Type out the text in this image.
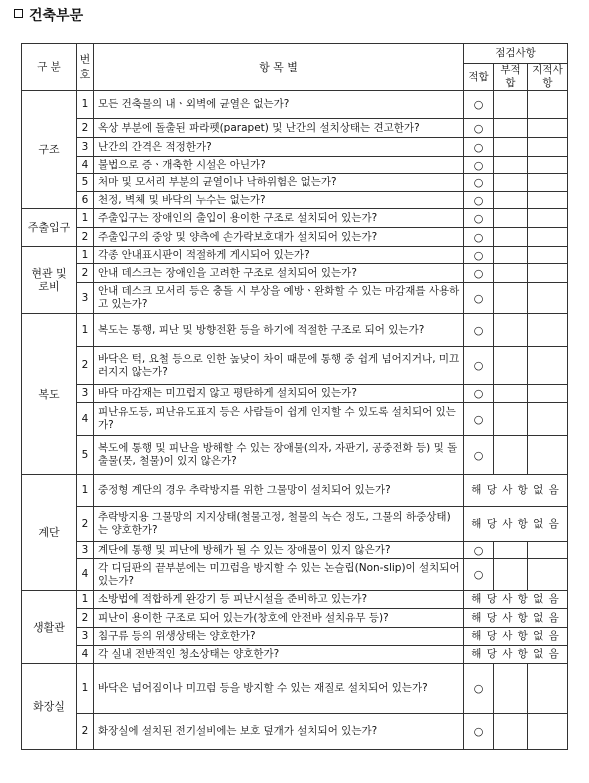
건축부문
구 분	번
호	항 목 별	점검사항		
			적합	부적합	지적사항
구조	1	모든 건축물의 내ㆍ외벽에 균열은 없는가?	○		
	2	옥상 부분에 돌출된 파라펫(parapet) 및 난간의 설치상태는 견고한가?	○		
	3	난간의 간격은 적정한가?	○		
	4	불법으로 증ㆍ개축한 시설은 아닌가?	○		
	5	처마 및 모서리 부분의 균열이나 낙하위험은 없는가?	○		
	6	천정, 벽체 및 바닥의 누수는 없는가?	○		
주출입구	1	주출입구는 장애인의 출입이 용이한 구조로 설치되어 있는가?	○		
	2	주출입구의 중앙 및 양측에 손가락보호대가 설치되어 있는가?	○		
현관 및
로비	1	각종 안내표시판이 적절하게 게시되어 있는가?	○		
	2	안내 데스크는 장애인을 고려한 구조로 설치되어 있는가?	○		
	3	안내 데스크 모서리 등은 충돌 시 부상을 예방ㆍ완화할 수 있는 마감재를 사용하고 있는가?	○		
복도	1	복도는 통행, 피난 및 방향전환 등을 하기에 적절한 구조로 되어 있는가?	○		
	2	바닥은 턱, 요철 등으로 인한 높낮이 차이 때문에 통행 중 쉽게 넘어지거나, 미끄러지지 않는가?	○		
	3	바닥 마감재는 미끄럽지 않고 평탄하게 설치되어 있는가?	○		
	4	피난유도등, 피난유도표지 등은 사람들이 쉽게 인지할 수 있도록 설치되어 있는가?	○		
	5	복도에 통행 및 피난을 방해할 수 있는 장애물(의자, 자판기, 공중전화 등) 및 돌출물(못, 철물)이 있지 않은가?	○		
계단	1	중정형 계단의 경우 추락방지를 위한 그물망이 설치되어 있는가?	해 당 사 항 없 음		
	2	추락방지용 그물망의 지지상태(철물고정, 철물의 녹슨 정도, 그물의 하중상태)는 양호한가?	해 당 사 항 없 음		
	3	계단에 통행 및 피난에 방해가 될 수 있는 장애물이 있지 않은가?	○		
	4	각 디딤판의 끝부분에는 미끄럼을 방지할 수 있는 논슬립(Non-slip)이 설치되어 있는가?	○		
생활관	1	소방법에 적합하게 완강기 등 피난시설을 준비하고 있는가?	해 당 사 항 없 음		
	2	피난이 용이한 구조로 되어 있는가(창호에 안전바 설치유무 등)?	해 당 사 항 없 음		
	3	침구류 등의 위생상태는 양호한가?	해 당 사 항 없 음		
	4	각 실내 전반적인 청소상태는 양호한가?	해 당 사 항 없 음		
화장실	1	바닥은 넘어짐이나 미끄럼 등을 방지할 수 있는 재질로 설치되어 있는가?	○		
	2	화장실에 설치된 전기설비에는 보호 덮개가 설치되어 있는가?	○		
